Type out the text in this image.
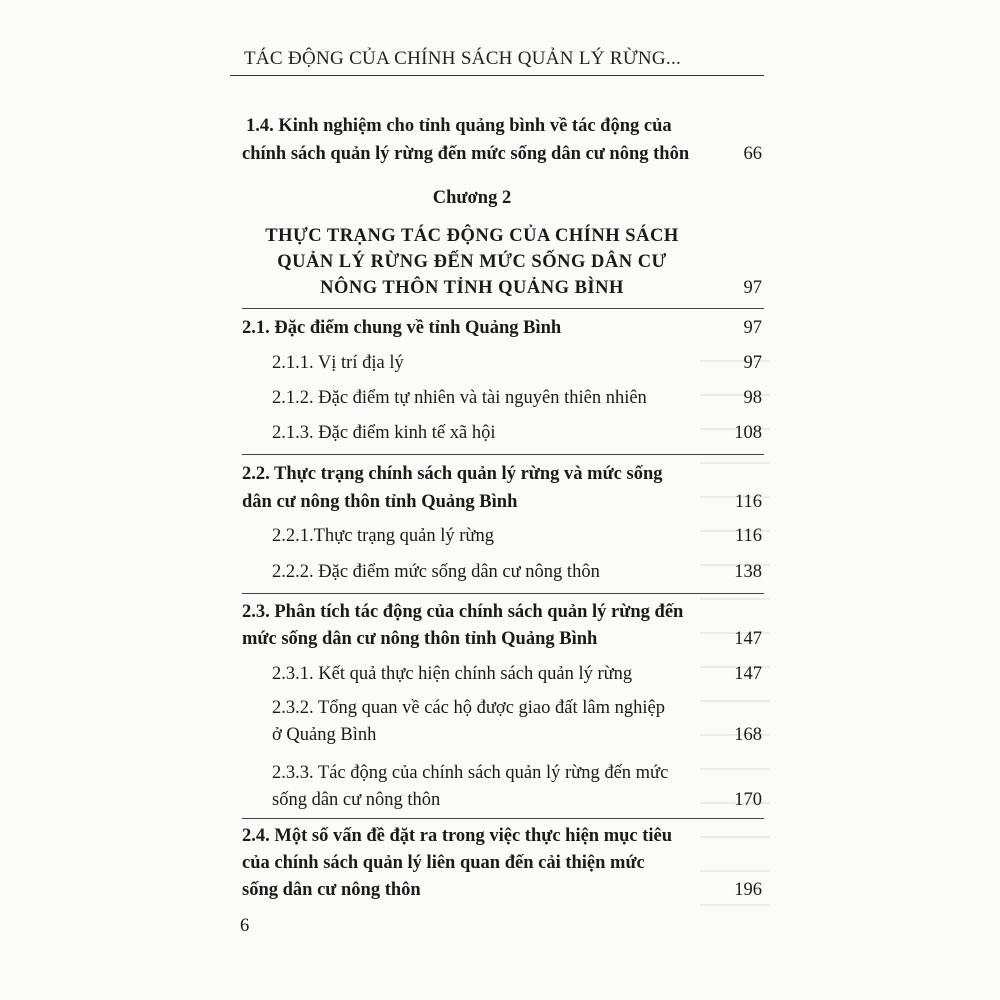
TÁC ĐỘNG CỦA CHÍNH SÁCH QUẢN LÝ RỪNG...
1.4. Kinh nghiệm cho tỉnh quảng bình về tác động của
chính sách quản lý rừng đến mức sống dân cư nông thôn	66
Chương 2
THỰC TRẠNG TÁC ĐỘNG CỦA CHÍNH SÁCH
QUẢN LÝ RỪNG ĐẾN MỨC SỐNG DÂN CƯ
NÔNG THÔN TỈNH QUẢNG BÌNH	97
2.1. Đặc điểm chung về tỉnh Quảng Bình	97
2.1.1. Vị trí địa lý	97
2.1.2. Đặc điểm tự nhiên và tài nguyên thiên nhiên	98
2.1.3. Đặc điểm kinh tế xã hội	108
2.2. Thực trạng chính sách quản lý rừng và mức sống
dân cư nông thôn tỉnh Quảng Bình	116
2.2.1.Thực trạng quản lý rừng	116
2.2.2. Đặc điểm mức sống dân cư nông thôn	138
2.3. Phân tích tác động của chính sách quản lý rừng đến
mức sống dân cư nông thôn tỉnh Quảng Bình	147
2.3.1. Kết quả thực hiện chính sách quản lý rừng	147
2.3.2. Tổng quan về các hộ được giao đất lâm nghiệp
ở Quảng Bình	168
2.3.3. Tác động của chính sách quản lý rừng đến mức
sống dân cư nông thôn	170
2.4. Một số vấn đề đặt ra trong việc thực hiện mục tiêu
của chính sách quản lý liên quan đến cải thiện mức
sống dân cư nông thôn	196
6
